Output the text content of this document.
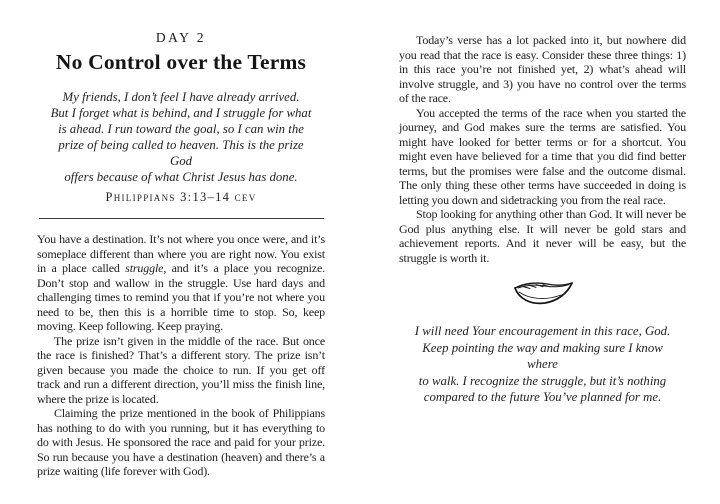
DAY 2
No Control over the Terms
My friends, I don’t feel I have already arrived.
But I forget what is behind, and I struggle for what
is ahead. I run toward the goal, so I can win the
prize of being called to heaven. This is the prize God
offers because of what Christ Jesus has done.
Philippians 3:13–14 cev

You have a destination. It’s not where you once were, and it’s someplace different than where you are right now. You exist in a place called struggle, and it’s a place you recognize. Don’t stop and wallow in the struggle. Use hard days and challenging times to remind you that if you’re not where you need to be, then this is a horrible time to stop. So, keep moving. Keep following. Keep praying.

The prize isn’t given in the middle of the race. But once the race is finished? That’s a different story. The prize isn’t given because you made the choice to run. If you get off track and run a different direction, you’ll miss the finish line, where the prize is located.

Claiming the prize mentioned in the book of Philippians has nothing to do with you running, but it has everything to do with Jesus. He sponsored the race and paid for your prize. So run because you have a destination (heaven) and there’s a prize waiting (life forever with God).

Today’s verse has a lot packed into it, but nowhere did you read that the race is easy. Consider these three things: 1) in this race you’re not finished yet, 2) what’s ahead will involve struggle, and 3) you have no control over the terms of the race.

You accepted the terms of the race when you started the journey, and God makes sure the terms are satisfied. You might have looked for better terms or for a shortcut. You might even have believed for a time that you did find better terms, but the promises were false and the outcome dismal. The only thing these other terms have succeeded in doing is letting you down and sidetracking you from the real race.

Stop looking for anything other than God. It will never be God plus anything else. It will never be gold stars and achievement reports. And it never will be easy, but the struggle is worth it.

I will need Your encouragement in this race, God.
Keep pointing the way and making sure I know where
to walk. I recognize the struggle, but it’s nothing
compared to the future You’ve planned for me.
